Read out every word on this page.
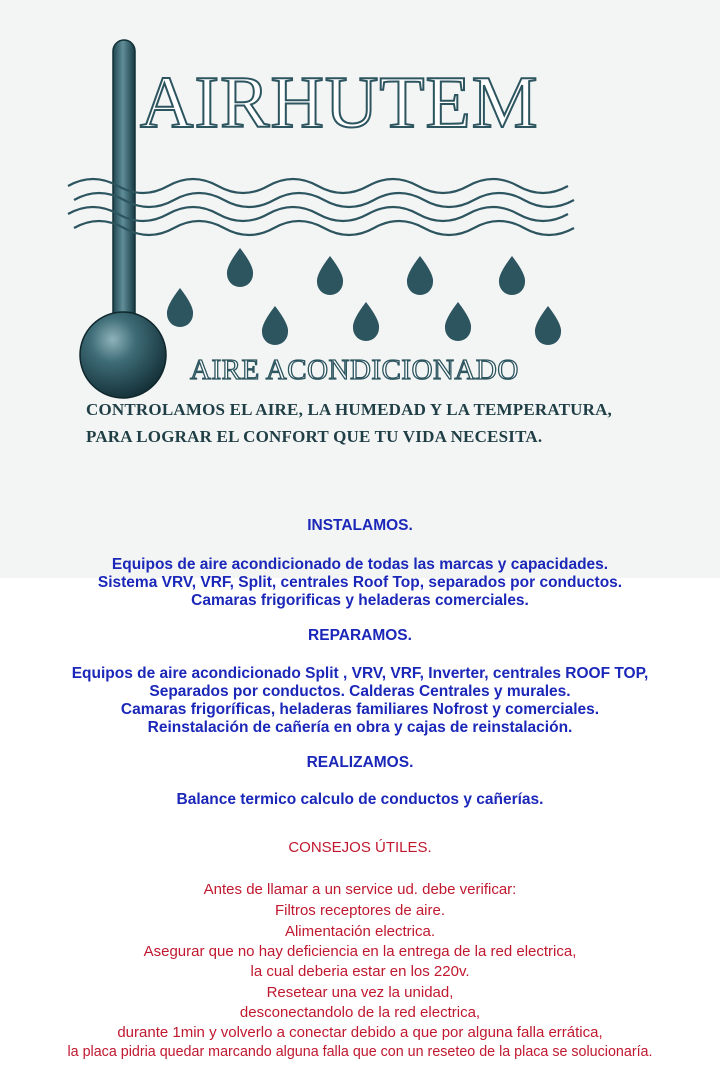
AIRHUTEM
AIRE ACONDICIONADO
CONTROLAMOS EL AIRE, LA HUMEDAD Y LA TEMPERATURA,
PARA LOGRAR EL CONFORT QUE TU VIDA NECESITA.
INSTALAMOS.
Equipos de aire acondicionado de todas las marcas y capacidades.
Sistema VRV, VRF, Split, centrales Roof Top, separados por conductos.
Camaras frigorificas y heladeras comerciales.
REPARAMOS.
Equipos de aire acondicionado Split , VRV, VRF, Inverter, centrales ROOF TOP,
Separados por conductos. Calderas Centrales y murales.
Camaras frigoríficas, heladeras familiares Nofrost y comerciales.
Reinstalación de cañería en obra y cajas de reinstalación.
REALIZAMOS.
Balance termico calculo de conductos y cañerías.
CONSEJOS ÚTILES.
Antes de llamar a un service ud. debe verificar:
Filtros receptores de aire.
Alimentación electrica.
Asegurar que no hay deficiencia en la entrega de la red electrica,
la cual deberia estar en los 220v.
Resetear una vez la unidad,
desconectandolo de la red electrica,
durante 1min y volverlo a conectar debido a que por alguna falla errática,
la placa pidria quedar marcando alguna falla que con un reseteo de la placa se solucionaría.
